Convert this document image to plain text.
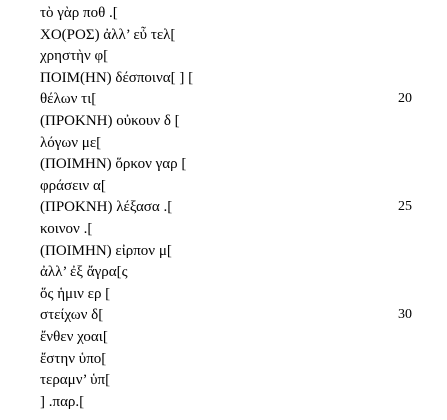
τὸ γὰρ ποθ .[
ΧΟ(ΡΟΣ) ἀλλ’ εὖ τελ[
χρηστὴν φ[
ΠΟΙΜ(ΗΝ) δέσποινα[ ] [
θέλων τι[	20
(ΠΡΟΚΝΗ) οὐκουν δ [
λόγων με[
(ΠΟΙΜΗΝ) ὅρκον γαρ [
φράσειν α[
(ΠΡΟΚΝΗ) λέξασα .[	25
κοινον .[
(ΠΟΙΜΗΝ) εἰρπον μ[
ἀλλ’ ἐξ ἄγρα[ς
ὅς ἡμιν ερ [
στείχων δ[	30
ἔνθεν χοαι[
ἔστην ὑπο[
τεραμν’ ὑπ[
] .παρ.[
